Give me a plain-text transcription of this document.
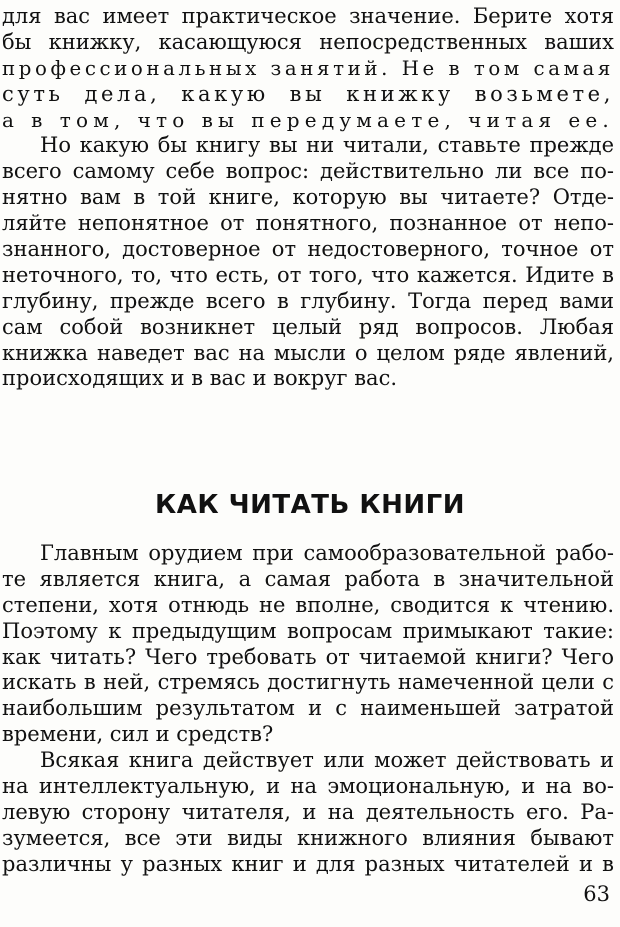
для вас имеет практическое значение. Берите хотя
бы книжку, касающуюся непосредственных ваших
профессиональных занятий. Не в том самая
суть дела, какую вы книжку возьмете,
а в том, что вы передумаете, читая ее.
Но какую бы книгу вы ни читали, ставьте прежде
всего самому себе вопрос: действительно ли все по-
нятно вам в той книге, которую вы читаете? Отде-
ляйте непонятное от понятного, познанное от непо-
знанного, достоверное от недостоверного, точное от
неточного, то, что есть, от того, что кажется. Идите в
глубину, прежде всего в глубину. Тогда перед вами
сам собой возникнет целый ряд вопросов. Любая
книжка наведет вас на мысли о целом ряде явлений,
происходящих и в вас и вокруг вас.
КАК ЧИТАТЬ КНИГИ
Главным орудием при самообразовательной рабо-
те является книга, а самая работа в значительной
степени, хотя отнюдь не вполне, сводится к чтению.
Поэтому к предыдущим вопросам примыкают такие:
как читать? Чего требовать от читаемой книги? Чего
искать в ней, стремясь достигнуть намеченной цели с
наибольшим результатом и с наименьшей затратой
времени, сил и средств?
Всякая книга действует или может действовать и
на интеллектуальную, и на эмоциональную, и на во-
левую сторону читателя, и на деятельность его. Ра-
зумеется, все эти виды книжного влияния бывают
различны у разных книг и для разных читателей и в
63
